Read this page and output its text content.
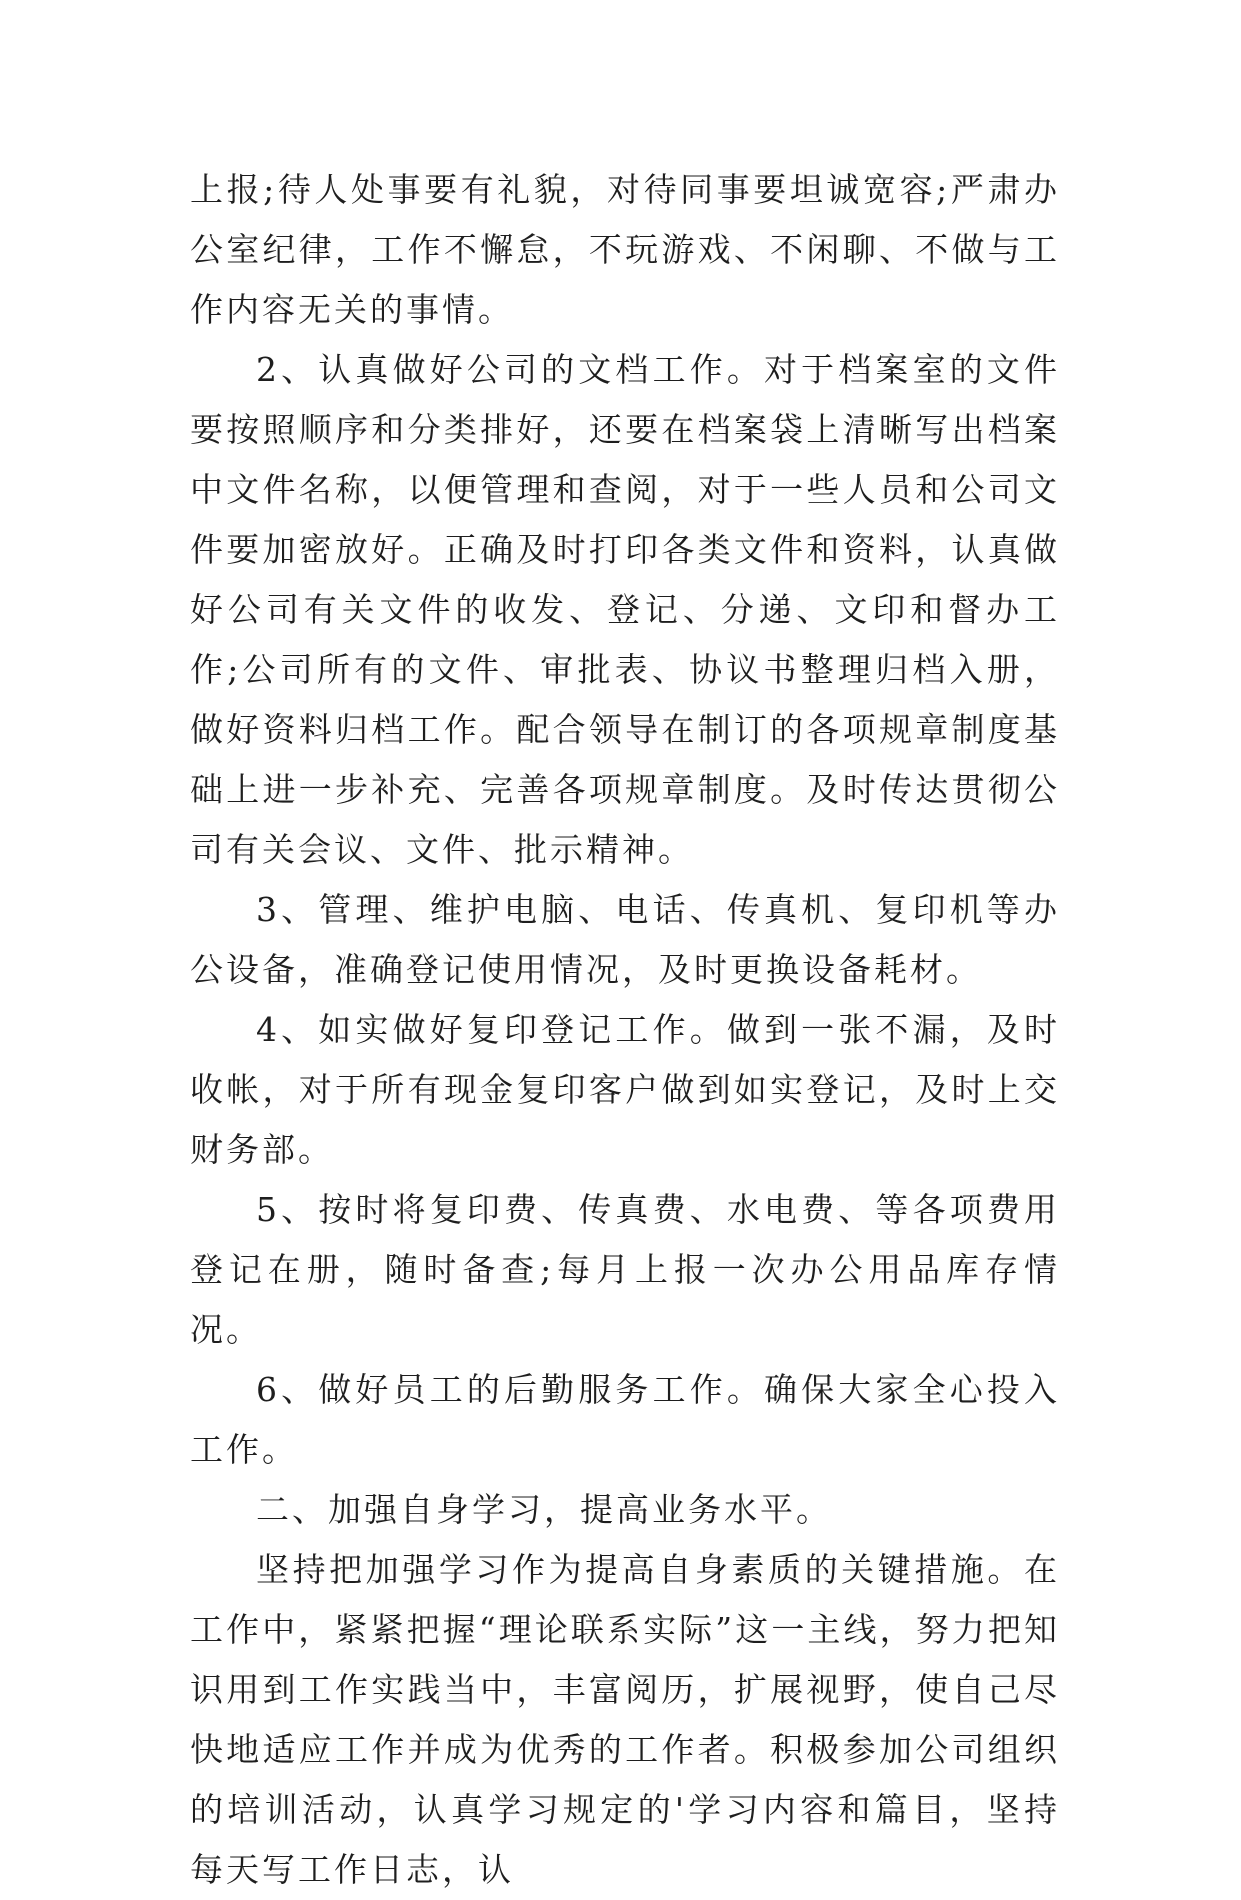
上报;待人处事要有礼貌，对待同事要坦诚宽容;严肃办公室纪律，工作不懈怠，不玩游戏、不闲聊、不做与工作内容无关的事情。

2、认真做好公司的文档工作。对于档案室的文件要按照顺序和分类排好，还要在档案袋上清晰写出档案中文件名称，以便管理和查阅，对于一些人员和公司文件要加密放好。正确及时打印各类文件和资料，认真做好公司有关文件的收发、登记、分递、文印和督办工作;公司所有的文件、审批表、协议书整理归档入册，做好资料归档工作。配合领导在制订的各项规章制度基础上进一步补充、完善各项规章制度。及时传达贯彻公司有关会议、文件、批示精神。

3、管理、维护电脑、电话、传真机、复印机等办公设备，准确登记使用情况，及时更换设备耗材。

4、如实做好复印登记工作。做到一张不漏，及时收帐，对于所有现金复印客户做到如实登记，及时上交财务部。

5、按时将复印费、传真费、水电费、等各项费用登记在册，随时备查;每月上报一次办公用品库存情况。

6、做好员工的后勤服务工作。确保大家全心投入工作。

二、加强自身学习，提高业务水平。

坚持把加强学习作为提高自身素质的关键措施。在工作中，紧紧把握“理论联系实际”这一主线，努力把知识用到工作实践当中，丰富阅历，扩展视野，使自己尽快地适应工作并成为优秀的工作者。积极参加公司组织的培训活动，认真学习规定的'学习内容和篇目，坚持每天写工作日志，认
